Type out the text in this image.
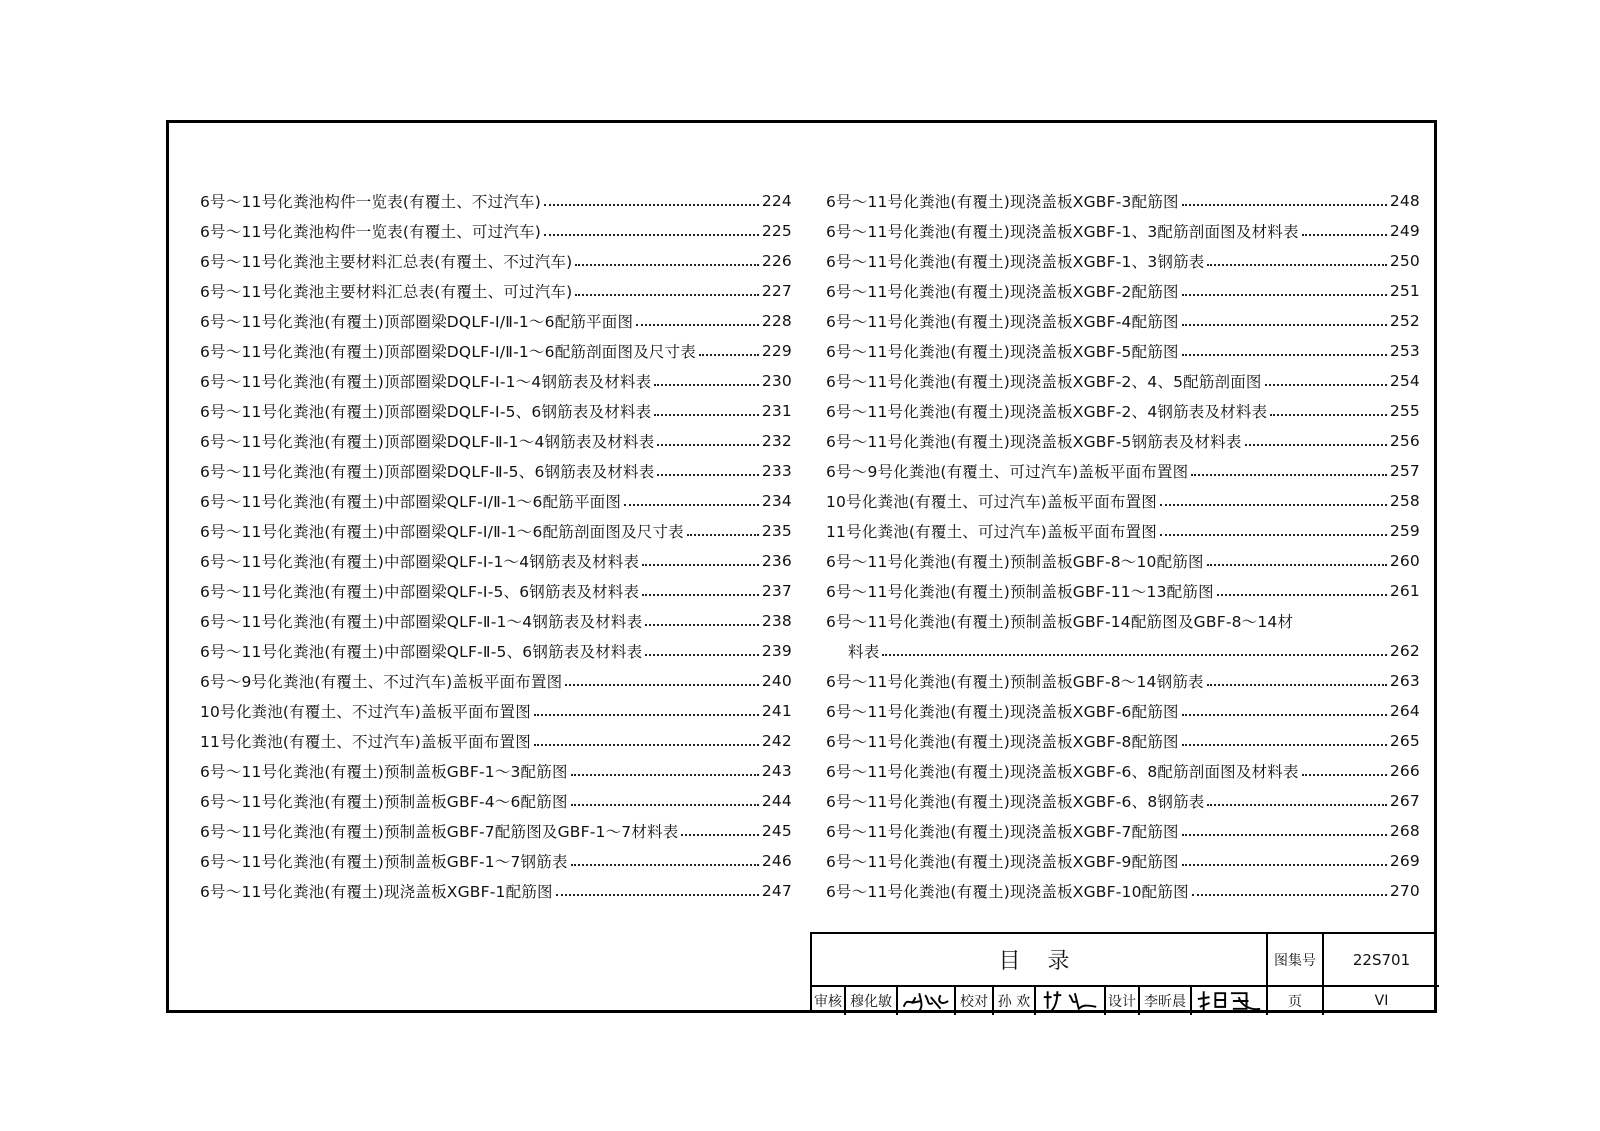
6号～11号化粪池构件一览表(有覆土、不过汽车)	224
6号～11号化粪池构件一览表(有覆土、可过汽车)	225
6号～11号化粪池主要材料汇总表(有覆土、不过汽车)	226
6号～11号化粪池主要材料汇总表(有覆土、可过汽车)	227
6号～11号化粪池(有覆土)顶部圈梁DQLF-Ⅰ/Ⅱ-1～6配筋平面图	228
6号～11号化粪池(有覆土)顶部圈梁DQLF-Ⅰ/Ⅱ-1～6配筋剖面图及尺寸表	229
6号～11号化粪池(有覆土)顶部圈梁DQLF-Ⅰ-1～4钢筋表及材料表	230
6号～11号化粪池(有覆土)顶部圈梁DQLF-Ⅰ-5、6钢筋表及材料表	231
6号～11号化粪池(有覆土)顶部圈梁DQLF-Ⅱ-1～4钢筋表及材料表	232
6号～11号化粪池(有覆土)顶部圈梁DQLF-Ⅱ-5、6钢筋表及材料表	233
6号～11号化粪池(有覆土)中部圈梁QLF-Ⅰ/Ⅱ-1～6配筋平面图	234
6号～11号化粪池(有覆土)中部圈梁QLF-Ⅰ/Ⅱ-1～6配筋剖面图及尺寸表	235
6号～11号化粪池(有覆土)中部圈梁QLF-Ⅰ-1～4钢筋表及材料表	236
6号～11号化粪池(有覆土)中部圈梁QLF-Ⅰ-5、6钢筋表及材料表	237
6号～11号化粪池(有覆土)中部圈梁QLF-Ⅱ-1～4钢筋表及材料表	238
6号～11号化粪池(有覆土)中部圈梁QLF-Ⅱ-5、6钢筋表及材料表	239
6号～9号化粪池(有覆土、不过汽车)盖板平面布置图	240
10号化粪池(有覆土、不过汽车)盖板平面布置图	241
11号化粪池(有覆土、不过汽车)盖板平面布置图	242
6号～11号化粪池(有覆土)预制盖板GBF-1～3配筋图	243
6号～11号化粪池(有覆土)预制盖板GBF-4～6配筋图	244
6号～11号化粪池(有覆土)预制盖板GBF-7配筋图及GBF-1～7材料表	245
6号～11号化粪池(有覆土)预制盖板GBF-1～7钢筋表	246
6号～11号化粪池(有覆土)现浇盖板XGBF-1配筋图	247
6号～11号化粪池(有覆土)现浇盖板XGBF-3配筋图	248
6号～11号化粪池(有覆土)现浇盖板XGBF-1、3配筋剖面图及材料表	249
6号～11号化粪池(有覆土)现浇盖板XGBF-1、3钢筋表	250
6号～11号化粪池(有覆土)现浇盖板XGBF-2配筋图	251
6号～11号化粪池(有覆土)现浇盖板XGBF-4配筋图	252
6号～11号化粪池(有覆土)现浇盖板XGBF-5配筋图	253
6号～11号化粪池(有覆土)现浇盖板XGBF-2、4、5配筋剖面图	254
6号～11号化粪池(有覆土)现浇盖板XGBF-2、4钢筋表及材料表	255
6号～11号化粪池(有覆土)现浇盖板XGBF-5钢筋表及材料表	256
6号～9号化粪池(有覆土、可过汽车)盖板平面布置图	257
10号化粪池(有覆土、可过汽车)盖板平面布置图	258
11号化粪池(有覆土、可过汽车)盖板平面布置图	259
6号～11号化粪池(有覆土)预制盖板GBF-8～10配筋图	260
6号～11号化粪池(有覆土)预制盖板GBF-11～13配筋图	261
6号～11号化粪池(有覆土)预制盖板GBF-14配筋图及GBF-8～14材
料表	262
6号～11号化粪池(有覆土)预制盖板GBF-8～14钢筋表	263
6号～11号化粪池(有覆土)现浇盖板XGBF-6配筋图	264
6号～11号化粪池(有覆土)现浇盖板XGBF-8配筋图	265
6号～11号化粪池(有覆土)现浇盖板XGBF-6、8配筋剖面图及材料表	266
6号～11号化粪池(有覆土)现浇盖板XGBF-6、8钢筋表	267
6号～11号化粪池(有覆土)现浇盖板XGBF-7配筋图	268
6号～11号化粪池(有覆土)现浇盖板XGBF-9配筋图	269
6号～11号化粪池(有覆土)现浇盖板XGBF-10配筋图	270
目 录	图集号	22S701
审核 穆化敏	校对 孙 欢	设计 李昕晨	页	VI
